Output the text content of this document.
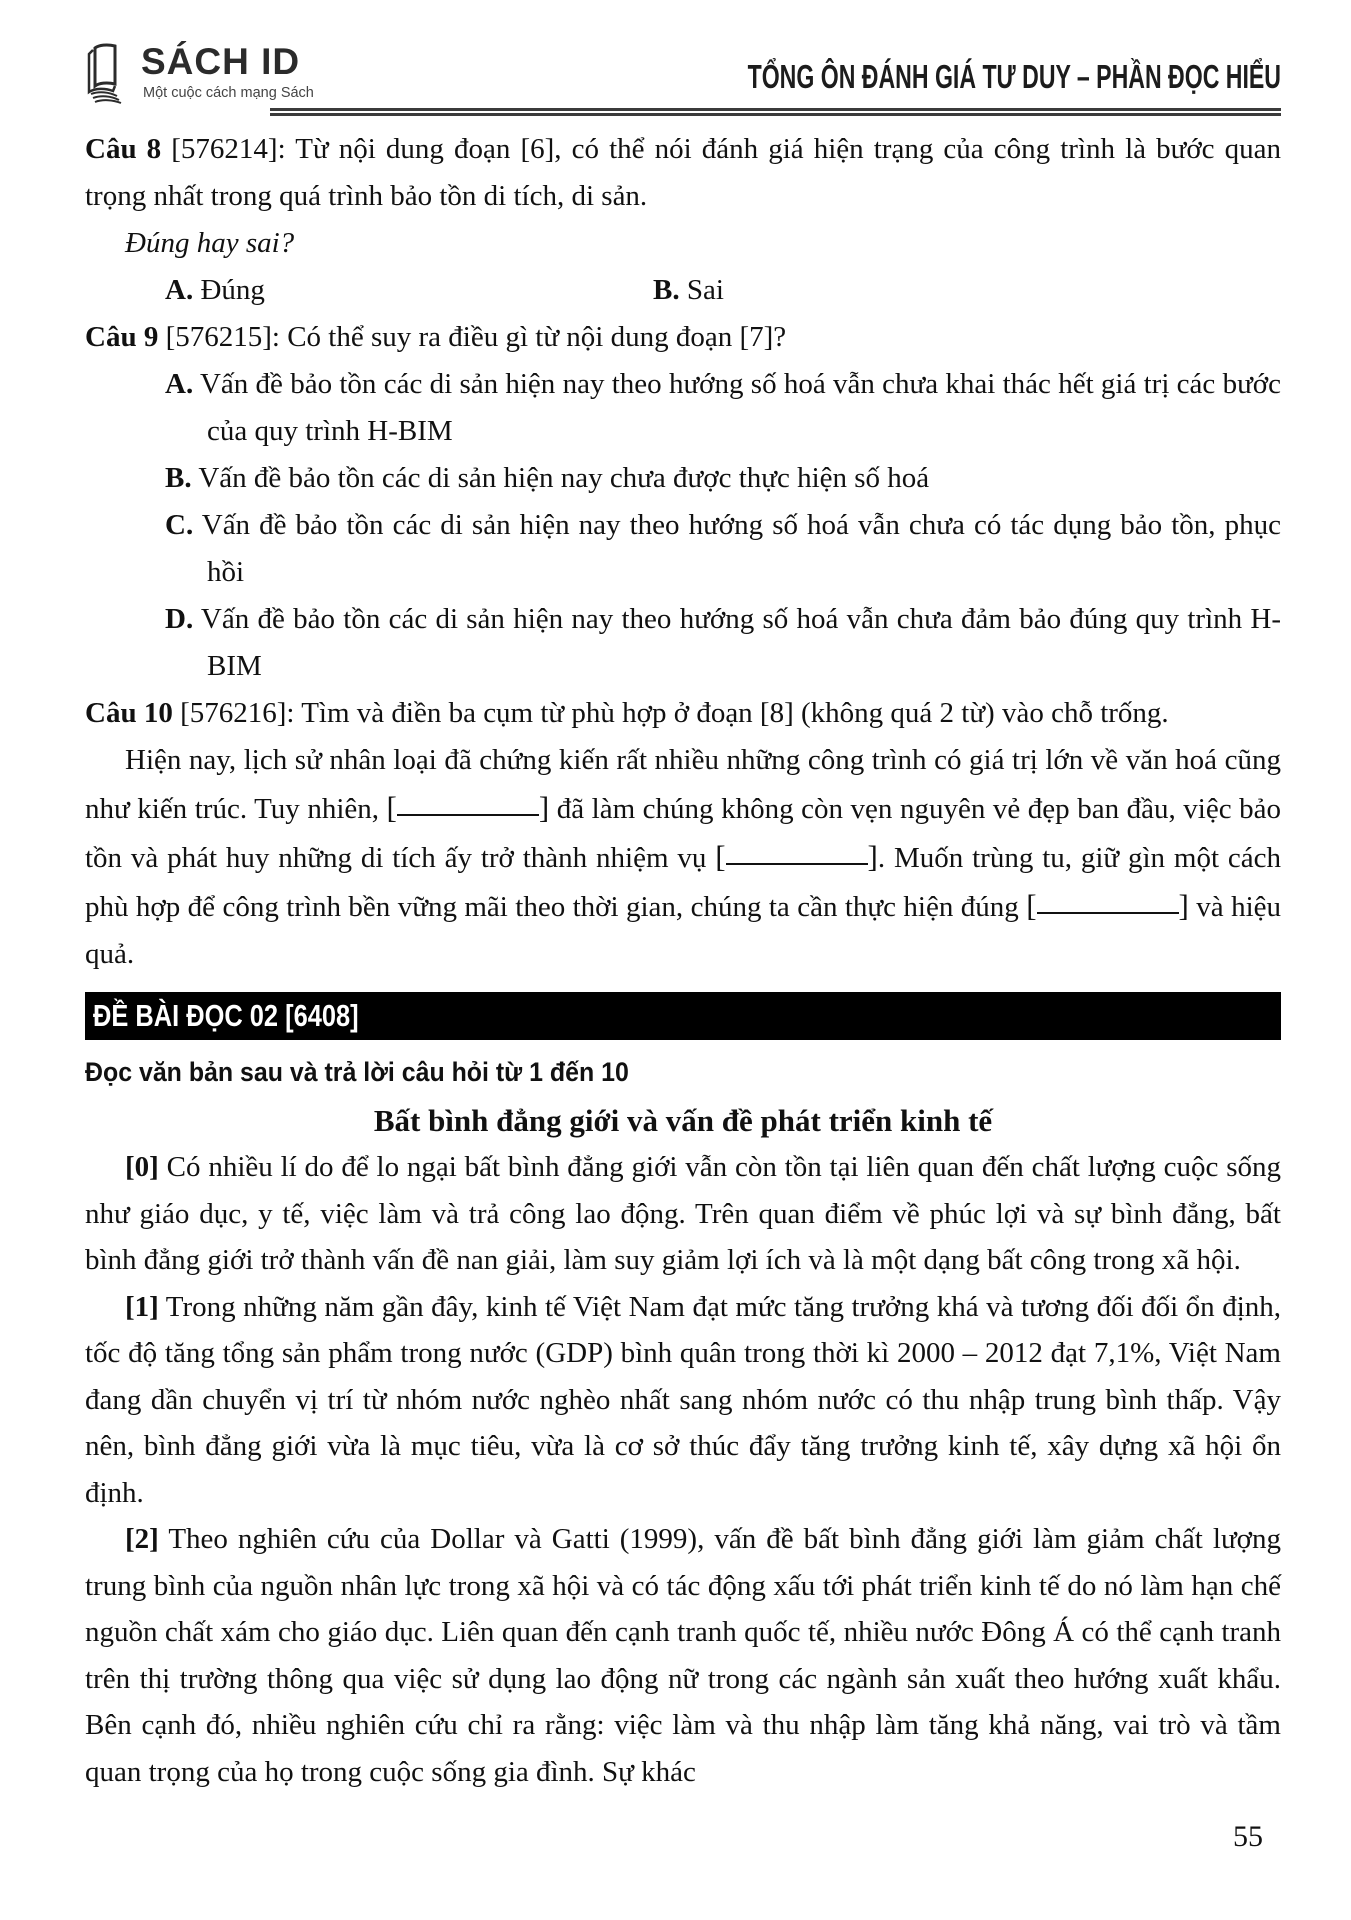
SÁCH ID
Một cuộc cách mạng Sách	TỔNG ÔN ĐÁNH GIÁ TƯ DUY – PHẦN ĐỌC HIỂU
Câu 8 [576214]: Từ nội dung đoạn [6], có thể nói đánh giá hiện trạng của công trình là bước quan trọng nhất trong quá trình bảo tồn di tích, di sản.
Đúng hay sai?
A. Đúng	B. Sai
Câu 9 [576215]: Có thể suy ra điều gì từ nội dung đoạn [7]?
A. Vấn đề bảo tồn các di sản hiện nay theo hướng số hoá vẫn chưa khai thác hết giá trị các bước của quy trình H-BIM
B. Vấn đề bảo tồn các di sản hiện nay chưa được thực hiện số hoá
C. Vấn đề bảo tồn các di sản hiện nay theo hướng số hoá vẫn chưa có tác dụng bảo tồn, phục hồi
D. Vấn đề bảo tồn các di sản hiện nay theo hướng số hoá vẫn chưa đảm bảo đúng quy trình H-BIM
Câu 10 [576216]: Tìm và điền ba cụm từ phù hợp ở đoạn [8] (không quá 2 từ) vào chỗ trống.
Hiện nay, lịch sử nhân loại đã chứng kiến rất nhiều những công trình có giá trị lớn về văn hoá cũng như kiến trúc. Tuy nhiên, [	] đã làm chúng không còn vẹn nguyên vẻ đẹp ban đầu, việc bảo tồn và phát huy những di tích ấy trở thành nhiệm vụ [	]. Muốn trùng tu, giữ gìn một cách phù hợp để công trình bền vững mãi theo thời gian, chúng ta cần thực hiện đúng [	] và hiệu quả.
ĐỀ BÀI ĐỌC 02 [6408]
Đọc văn bản sau và trả lời câu hỏi từ 1 đến 10
Bất bình đẳng giới và vấn đề phát triển kinh tế
[0] Có nhiều lí do để lo ngại bất bình đẳng giới vẫn còn tồn tại liên quan đến chất lượng cuộc sống như giáo dục, y tế, việc làm và trả công lao động. Trên quan điểm về phúc lợi và sự bình đẳng, bất bình đẳng giới trở thành vấn đề nan giải, làm suy giảm lợi ích và là một dạng bất công trong xã hội.
[1] Trong những năm gần đây, kinh tế Việt Nam đạt mức tăng trưởng khá và tương đối đối ổn định, tốc độ tăng tổng sản phẩm trong nước (GDP) bình quân trong thời kì 2000 – 2012 đạt 7,1%, Việt Nam đang dần chuyển vị trí từ nhóm nước nghèo nhất sang nhóm nước có thu nhập trung bình thấp. Vậy nên, bình đẳng giới vừa là mục tiêu, vừa là cơ sở thúc đẩy tăng trưởng kinh tế, xây dựng xã hội ổn định.
[2] Theo nghiên cứu của Dollar và Gatti (1999), vấn đề bất bình đẳng giới làm giảm chất lượng trung bình của nguồn nhân lực trong xã hội và có tác động xấu tới phát triển kinh tế do nó làm hạn chế nguồn chất xám cho giáo dục. Liên quan đến cạnh tranh quốc tế, nhiều nước Đông Á có thể cạnh tranh trên thị trường thông qua việc sử dụng lao động nữ trong các ngành sản xuất theo hướng xuất khẩu. Bên cạnh đó, nhiều nghiên cứu chỉ ra rằng: việc làm và thu nhập làm tăng khả năng, vai trò và tầm quan trọng của họ trong cuộc sống gia đình. Sự khác
55
